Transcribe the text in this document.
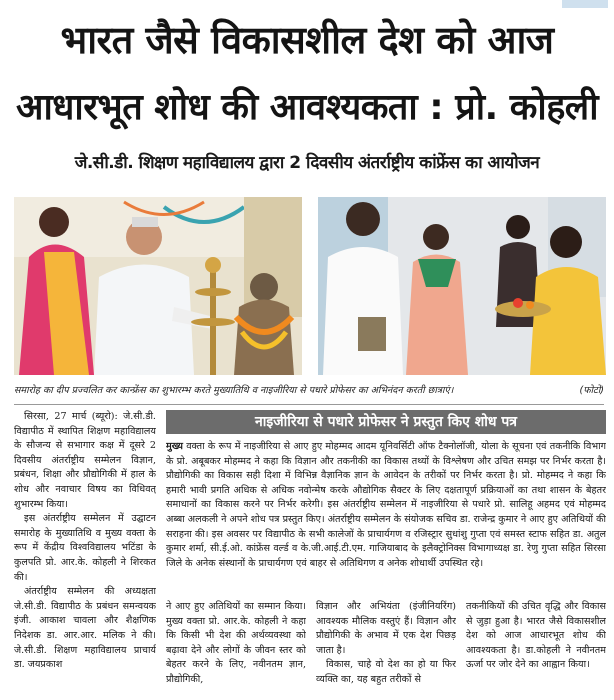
भारत जैसे विकासशील देश को आज
आधारभूत शोध की आवश्यकता : प्रो. कोहली
जे.सी.डी. शिक्षण महाविद्यालय द्वारा 2 दिवसीय अंतर्राष्ट्रीय कांफ्रेंस का आयोजन
समारोह का दीप प्रज्वलित कर कान्फ्रेंस का शुभारम्भ करते मुख्यातिथि व नाइजीरिया से पधारे प्रोफेसर का अभिनंदन करती छात्राएं।	(फोटो)

सिरसा, 27 मार्च (ब्यूरो): जे.सी.डी. विद्यापीठ में स्थापित शिक्षण महाविद्यालय के सौजन्य से सभागार कक्ष में दूसरे 2 दिवसीय अंतर्राष्ट्रीय सम्मेलन विज्ञान, प्रबंधन, शिक्षा और प्रौद्योगिकी में हाल के शोध और नवाचार विषय का विधिवत् शुभारम्भ किया।

इस अंतर्राष्ट्रीय सम्मेलन में उद्घाटन समारोह के मुख्यातिथि व मुख्य वक्ता के रूप में केंद्रीय विश्वविद्यालय भटिंडा के कुलपति प्रो. आर.के. कोहली ने शिरकत की।

अंतर्राष्ट्रीय सम्मेलन की अध्यक्षता जे.सी.डी. विद्यापीठ के प्रबंधन समन्वयक इंजी. आकाश चावला और शैक्षणिक निदेशक डा. आर.आर. मलिक ने की। जे.सी.डी. शिक्षण महाविद्यालय प्राचार्य डा. जयप्रकाश

नाइजीरिया से पधारे प्रोफेसर ने प्रस्तुत किए शोध पत्र

मुख्य वक्ता के रूप में नाइजीरिया से आए हुए मोहम्मद आदम यूनिवर्सिटी ऑफ टैक्नोलॉजी, योला के सूचना एवं तकनीकि विभाग के प्रो. अबूबकर मोहम्मद ने कहा कि विज्ञान और तकनीकी का विकास तथ्यों के विश्लेषण और उचित समझ पर निर्भर करता है। प्रौद्योगिकी का विकास सही दिशा में विभिन्न वैज्ञानिक ज्ञान के आवेदन के तरीकों पर निर्भर करता है। प्रो. मोहम्मद ने कहा कि हमारी भावी प्रगति अधिक से अधिक नवोन्मेष करके औद्योगिक सैक्टर के लिए दक्षतापूर्ण प्रक्रियाओं का तथा शासन के बेहतर समाधानों का विकास करने पर निर्भर करेगी। इस अंतर्राष्ट्रीय सम्मेलन में नाइजीरिया से पधारे प्रो. सालिहू अहमद एवं मोहम्मद अब्बा अलकली ने अपने शोध पत्र प्रस्तुत किए। अंतर्राष्ट्रीय सम्मेलन के संयोजक सचिव डा. राजेन्द्र कुमार ने आए हुए अतिथियों की सराहना की। इस अवसर पर विद्यापीठ के सभी कालेजों के प्राचार्यगण व रजिस्ट्रार सुधांशु गुप्ता एवं समस्त स्टाफ सहित डा. अतुल कुमार शर्मा, सी.ई.ओ. कांफ्रेंस वर्ल्ड व के.जी.आई.टी.एम. गाजियाबाद के इलैक्ट्रोनिक्स विभागाध्यक्ष डा. रेणु गुप्ता सहित सिरसा जिले के अनेक संस्थानों के प्राचार्यगण एवं बाहर से अतिथिगण व अनेक शोधार्थी उपस्थित रहे।

ने आए हुए अतिथियों का सम्मान किया। मुख्य वक्ता प्रो. आर.के. कोहली ने कहा कि किसी भी देश की अर्थव्यवस्था को बढ़ावा देने और लोगों के जीवन स्तर को बेहतर करने के लिए, नवीनतम ज्ञान, प्रौद्योगिकी,

विज्ञान और अभियंता (इंजीनियरिंग) आवश्यक मौलिक वस्तुएं हैं। विज्ञान और प्रौद्योगिकी के अभाव में एक देश पिछड़ जाता है।

विकास, चाहे वो देश का हो या फिर व्यक्ति का, यह बहुत तरीकों से

तकनीकियों की उचित वृद्धि और विकास से जुड़ा हुआ है। भारत जैसे विकासशील देश को आज आधारभूत शोध की आवश्यकता है। डा.कोहली ने नवीनतम ऊर्जा पर जोर देने का आह्वान किया।
